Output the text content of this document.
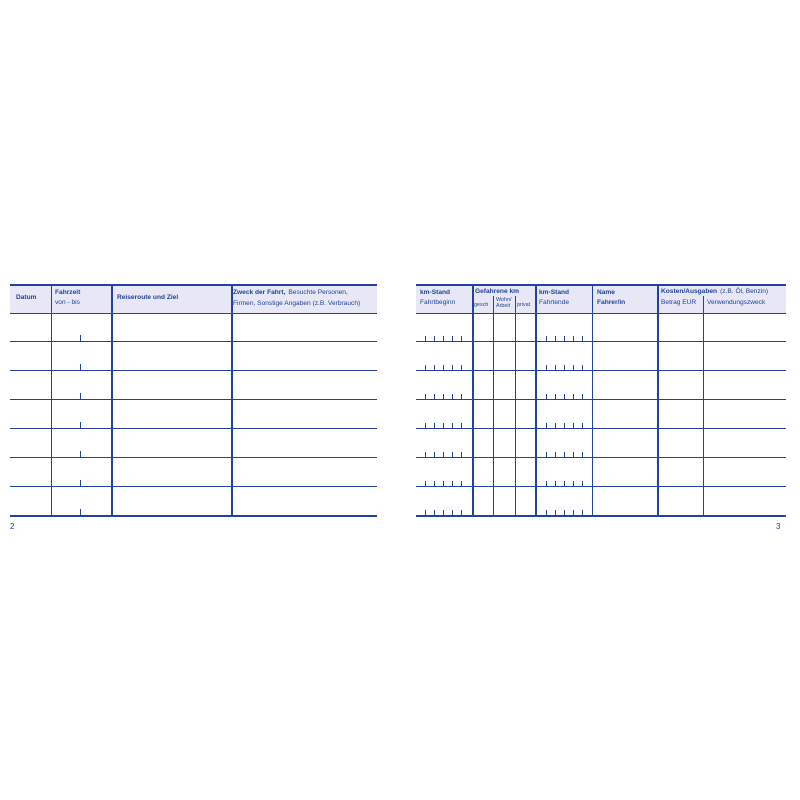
Datum
Fahrzeit
von - bis
Reiseroute und Ziel
Zweck der Fahrt, Besuchte Personen,
Firmen, Sonstige Angaben (z.B. Verbrauch)
2
km-Stand
Fahrtbeginn
Gefahrene km
gesch
Wohn/
Arbeit privat
km-Stand
Fahrtende
Name
Fahrer/in
Kosten/Ausgaben (z.B. Öl, Benzin)
Betrag EUR Verwendungszweck
3
